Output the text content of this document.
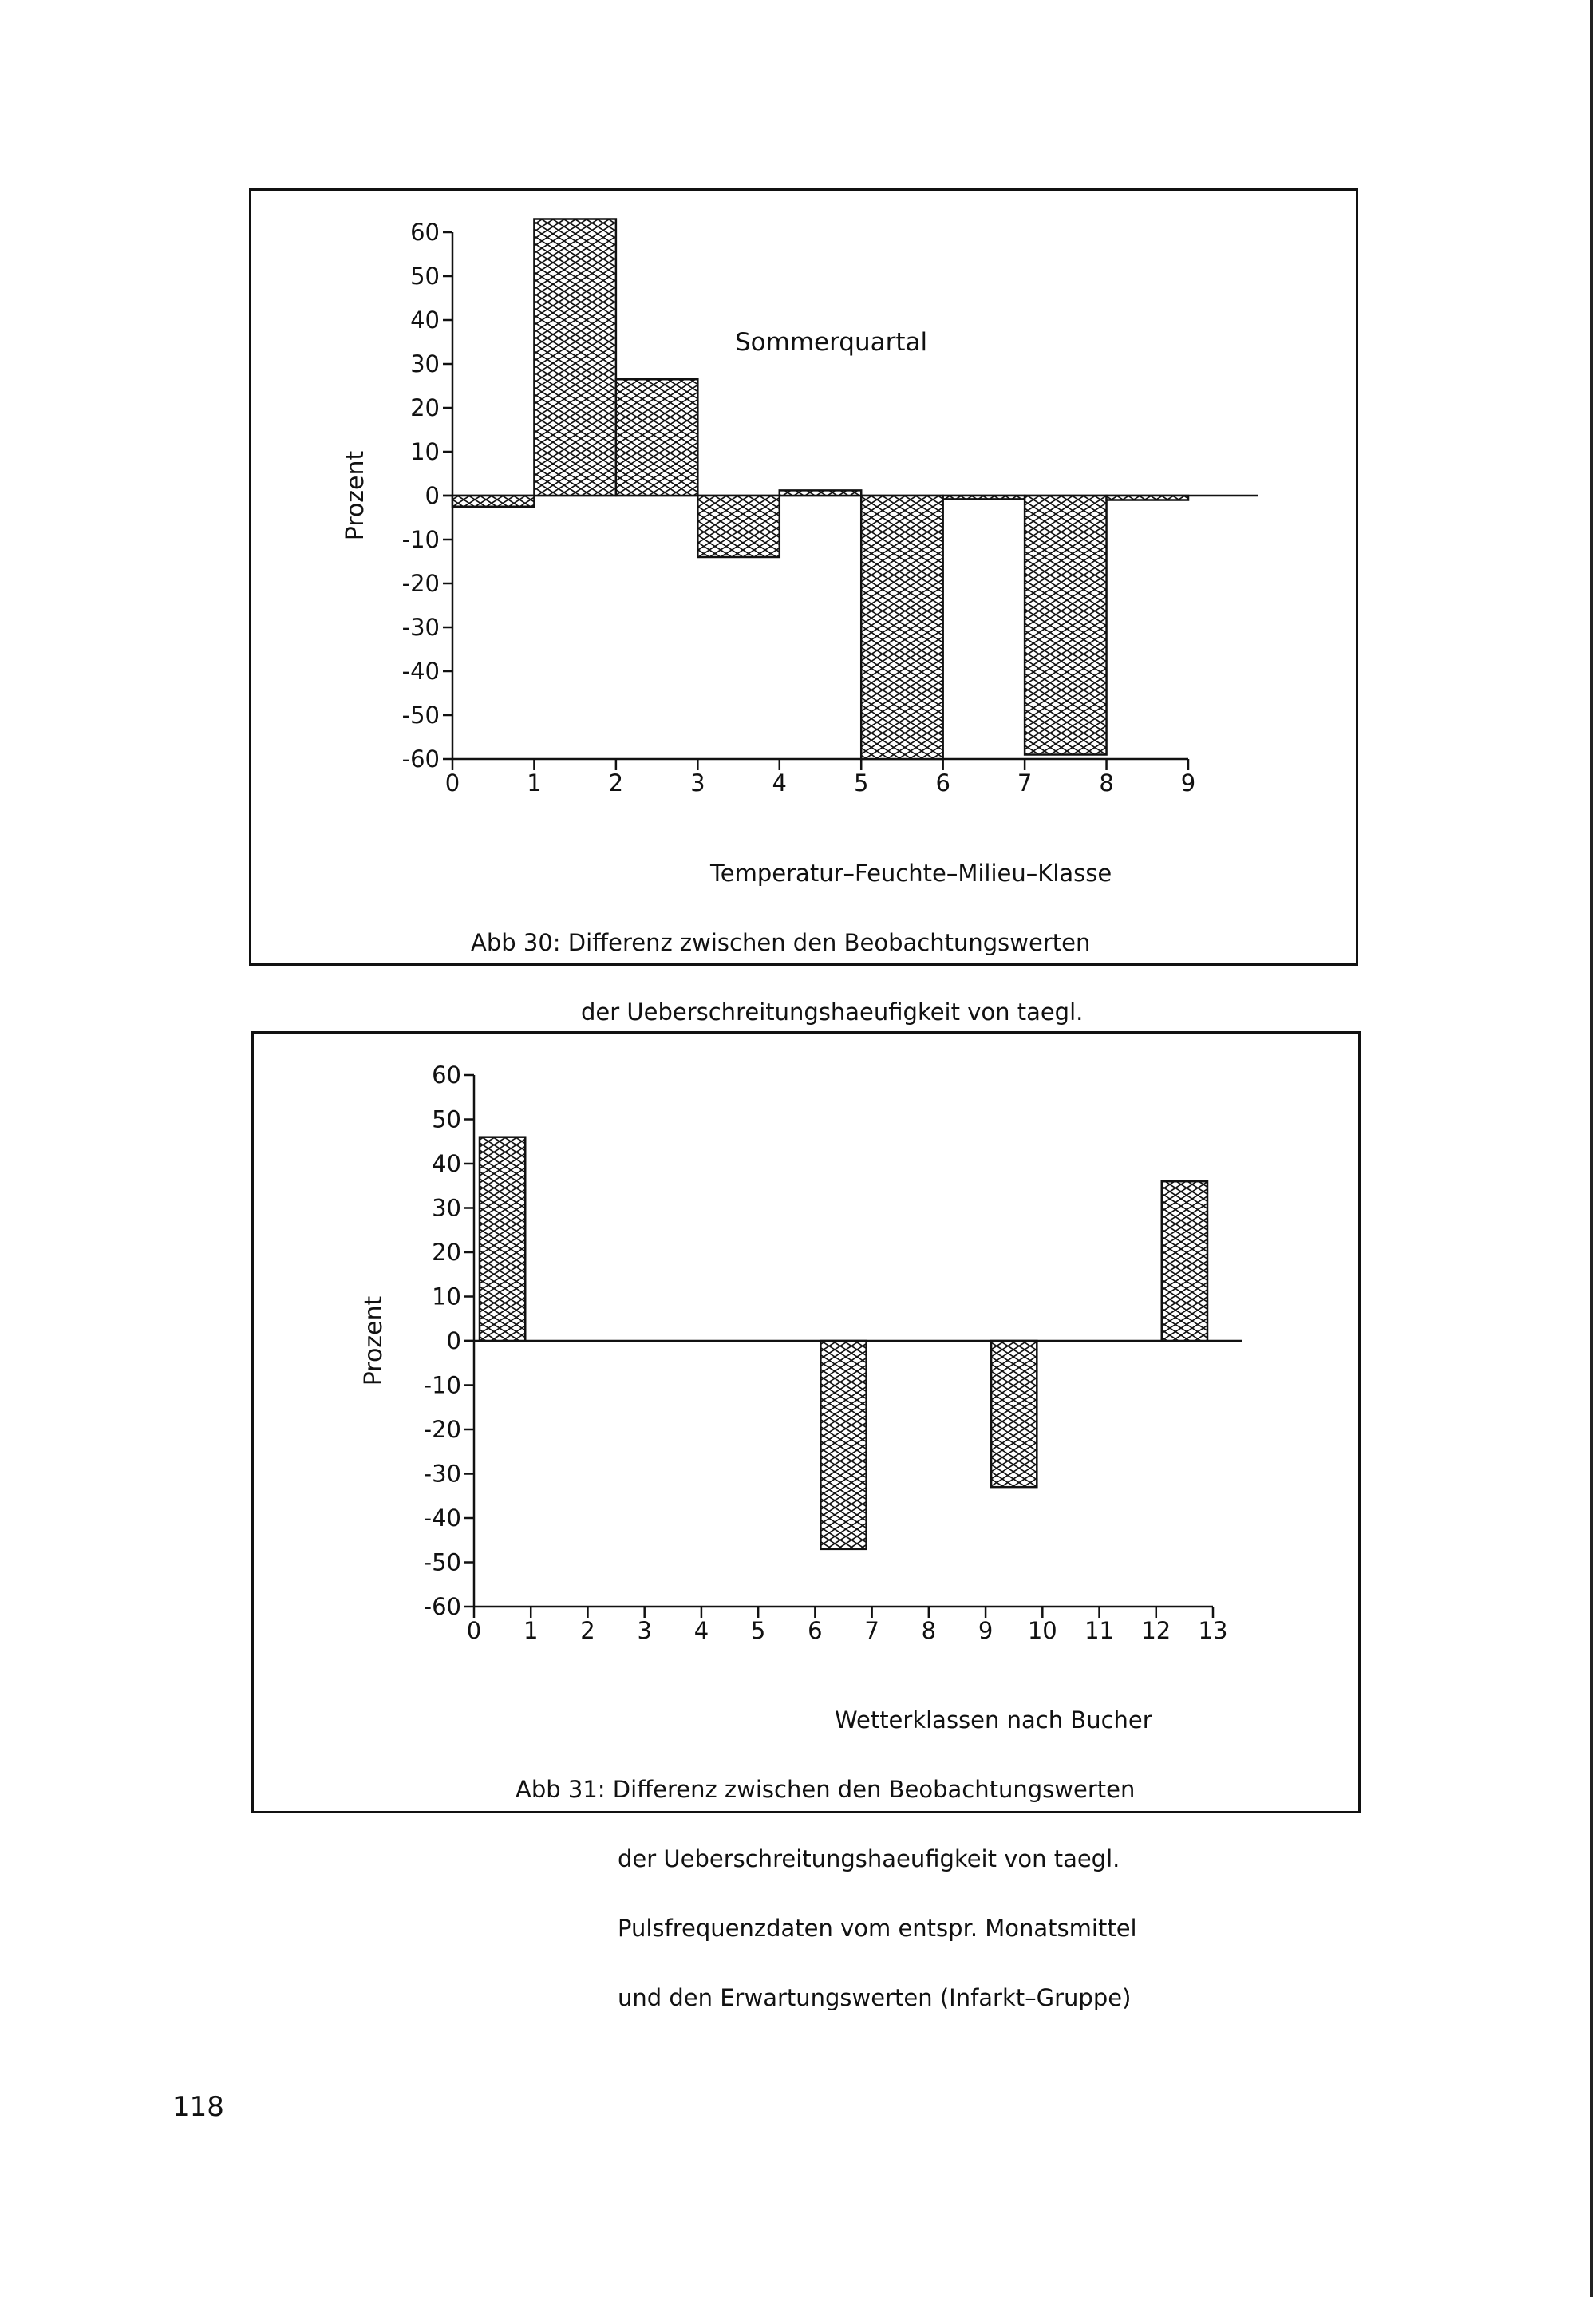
60
50
40
30
20
10
0
-10
-20
-30
-40
-50
-60
0	1	2	3	4	5	6	7	8	9
Prozent
Sommerquartal

Temperatur–Feuchte–Milieu–Klasse

Abb 30: Differenz zwischen den Beobachtungswerten

der Ueberschreitungshaeufigkeit von taegl.

60
50
40
30
20
10
0
-10
-20
-30
-40
-50
-60
0 1 2 3 4 5 6 7 8 9 10 11 12 13
Prozent

Wetterklassen nach Bucher

Abb 31: Differenz zwischen den Beobachtungswerten

der Ueberschreitungshaeufigkeit von taegl.

Pulsfrequenzdaten vom entspr. Monatsmittel

und den Erwartungswerten (Infarkt–Gruppe)

118
